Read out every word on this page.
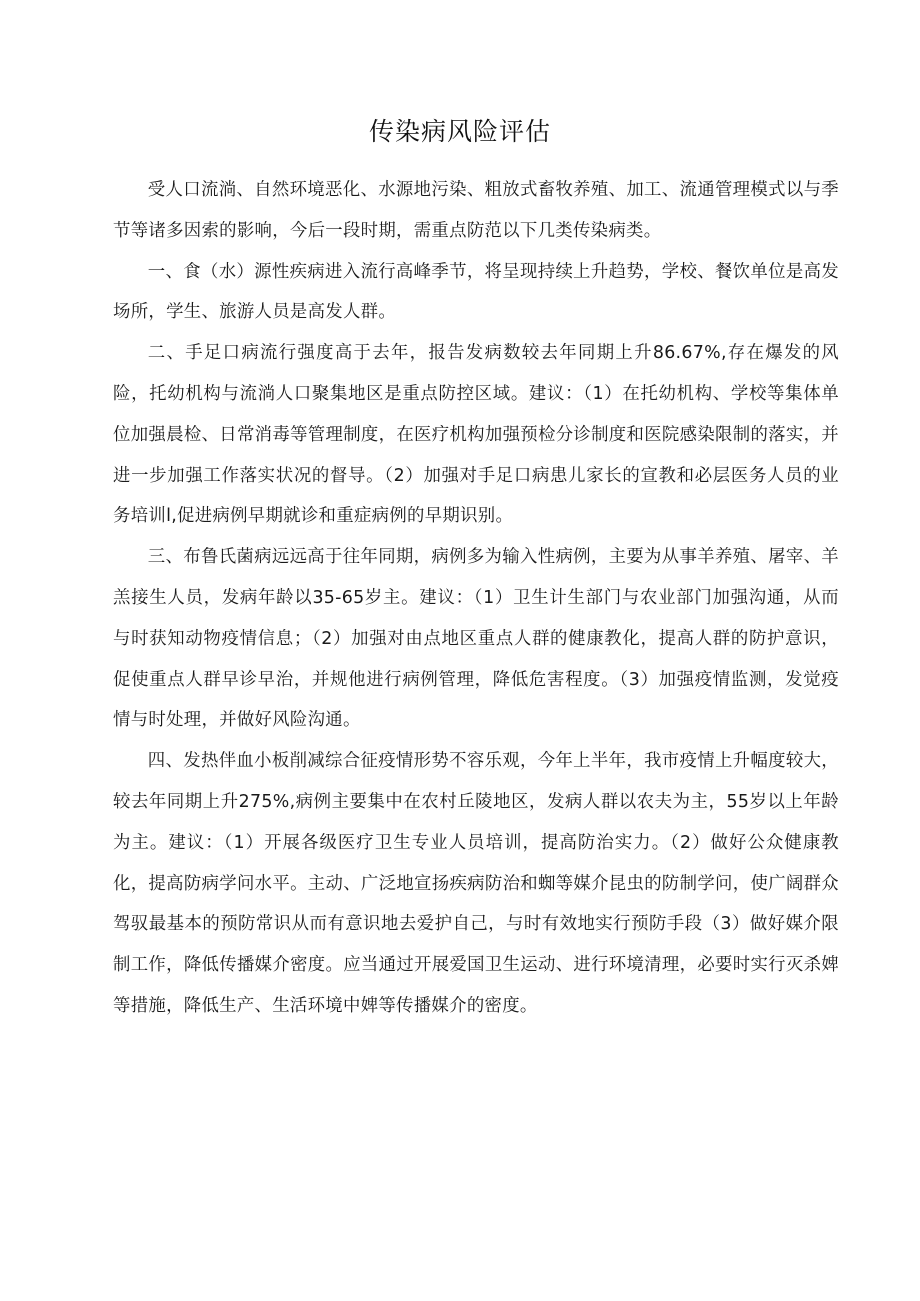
传染病风险评估

受人口流淌、自然环境恶化、水源地污染、粗放式畜牧养殖、加工、流通管理模式以与季节等诸多因索的影响，今后一段时期，需重点防范以下几类传染病类。

一、食（水）源性疾病进入流行高峰季节，将呈现持续上升趋势，学校、餐饮单位是高发场所，学生、旅游人员是高发人群。

二、手足口病流行强度高于去年，报告发病数较去年同期上升86.67%,存在爆发的风险，托幼机构与流淌人口聚集地区是重点防控区域。建议：（1）在托幼机构、学校等集体单位加强晨检、日常消毒等管理制度，在医疗机构加强预检分诊制度和医院感染限制的落实，并进一步加强工作落实状况的督导。（2）加强对手足口病患儿家长的宣教和必层医务人员的业务培训l,促进病例早期就诊和重症病例的早期识别。

三、布鲁氏菌病远远高于往年同期，病例多为输入性病例，主要为从事羊养殖、屠宰、羊羔接生人员，发病年龄以35-65岁主。建议：（1）卫生计生部门与农业部门加强沟通，从而与时获知动物疫情信息；（2）加强对由点地区重点人群的健康教化，提高人群的防护意识，促使重点人群早诊早治，并规他进行病例管理，降低危害程度。（3）加强疫情监测，发觉疫情与时处理，并做好风险沟通。

四、发热伴血小板削减综合征疫情形势不容乐观，今年上半年，我市疫情上升幅度较大，较去年同期上升275%,病例主要集中在农村丘陵地区，发病人群以农夫为主，55岁以上年龄为主。建议：（1）开展各级医疗卫生专业人员培训，提高防治实力。（2）做好公众健康教化，提高防病学问水平。主动、广泛地宣扬疾病防治和蜘等媒介昆虫的防制学问，使广阔群众驾驭最基本的预防常识从而有意识地去爱护自己，与时有效地实行预防手段（3）做好媒介限制工作，降低传播媒介密度。应当通过开展爱国卫生运动、进行环境清理，必要时实行灭杀婢等措施，降低生产、生活环境中婢等传播媒介的密度。
